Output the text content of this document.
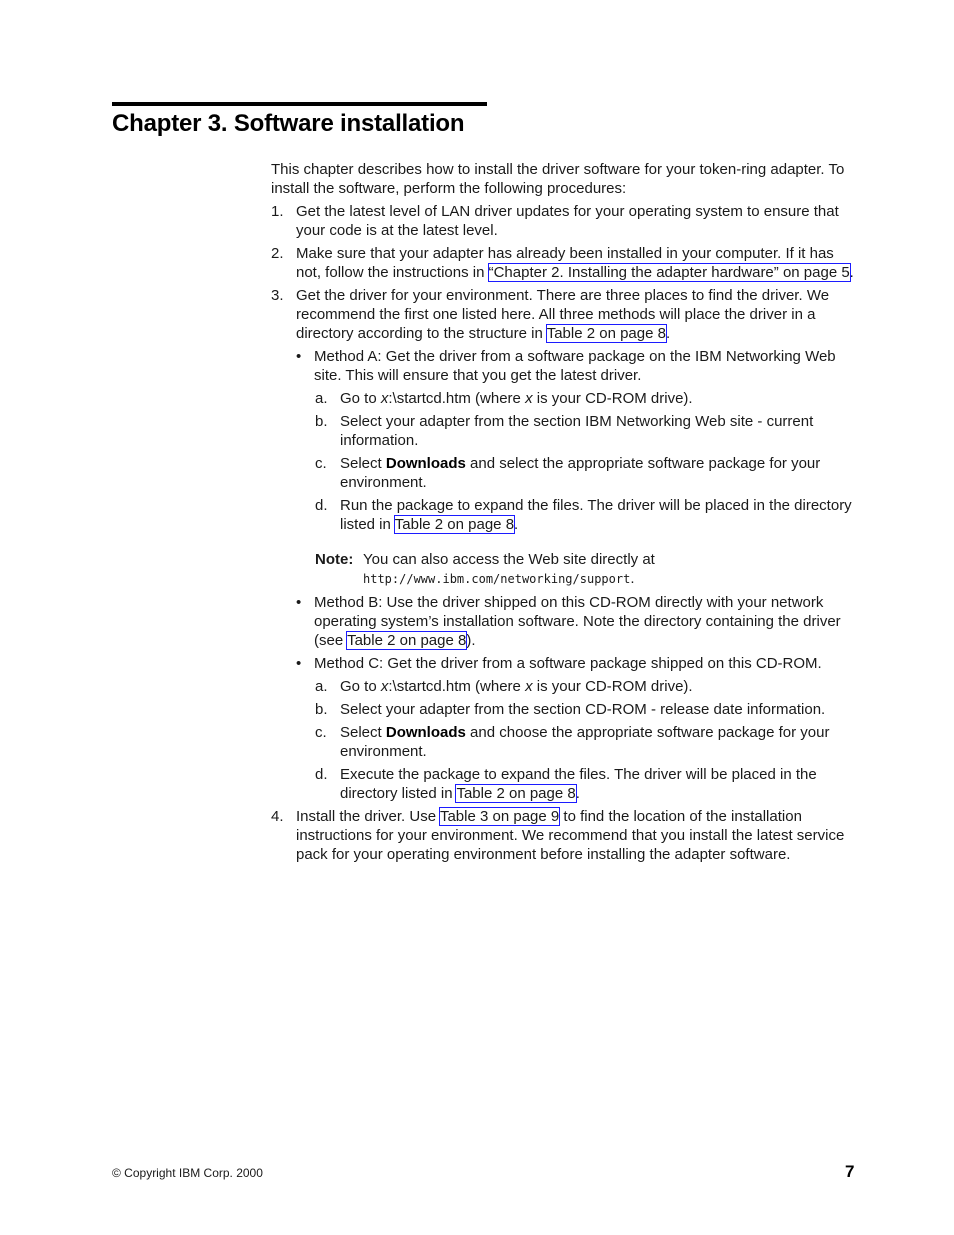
Chapter 3. Software installation

This chapter describes how to install the driver software for your token-ring adapter. To install the software, perform the following procedures:

1. Get the latest level of LAN driver updates for your operating system to ensure that your code is at the latest level.
2. Make sure that your adapter has already been installed in your computer. If it has not, follow the instructions in “Chapter 2. Installing the adapter hardware” on page 5.
3. Get the driver for your environment. There are three places to find the driver. We recommend the first one listed here. All three methods will place the driver in a directory according to the structure in Table 2 on page 8.
• Method A: Get the driver from a software package on the IBM Networking Web site. This will ensure that you get the latest driver.
a. Go to x:\startcd.htm (where x is your CD-ROM drive).
b. Select your adapter from the section IBM Networking Web site - current information.
c. Select Downloads and select the appropriate software package for your environment.
d. Run the package to expand the files. The driver will be placed in the directory listed in Table 2 on page 8.
Note: You can also access the Web site directly at
http://www.ibm.com/networking/support.
• Method B: Use the driver shipped on this CD-ROM directly with your network operating system’s installation software. Note the directory containing the driver (see Table 2 on page 8).
• Method C: Get the driver from a software package shipped on this CD-ROM.
a. Go to x:\startcd.htm (where x is your CD-ROM drive).
b. Select your adapter from the section CD-ROM - release date information.
c. Select Downloads and choose the appropriate software package for your environment.
d. Execute the package to expand the files. The driver will be placed in the directory listed in Table 2 on page 8.
4. Install the driver. Use Table 3 on page 9 to find the location of the installation instructions for your environment. We recommend that you install the latest service pack for your operating environment before installing the adapter software.
© Copyright IBM Corp. 2000	7
